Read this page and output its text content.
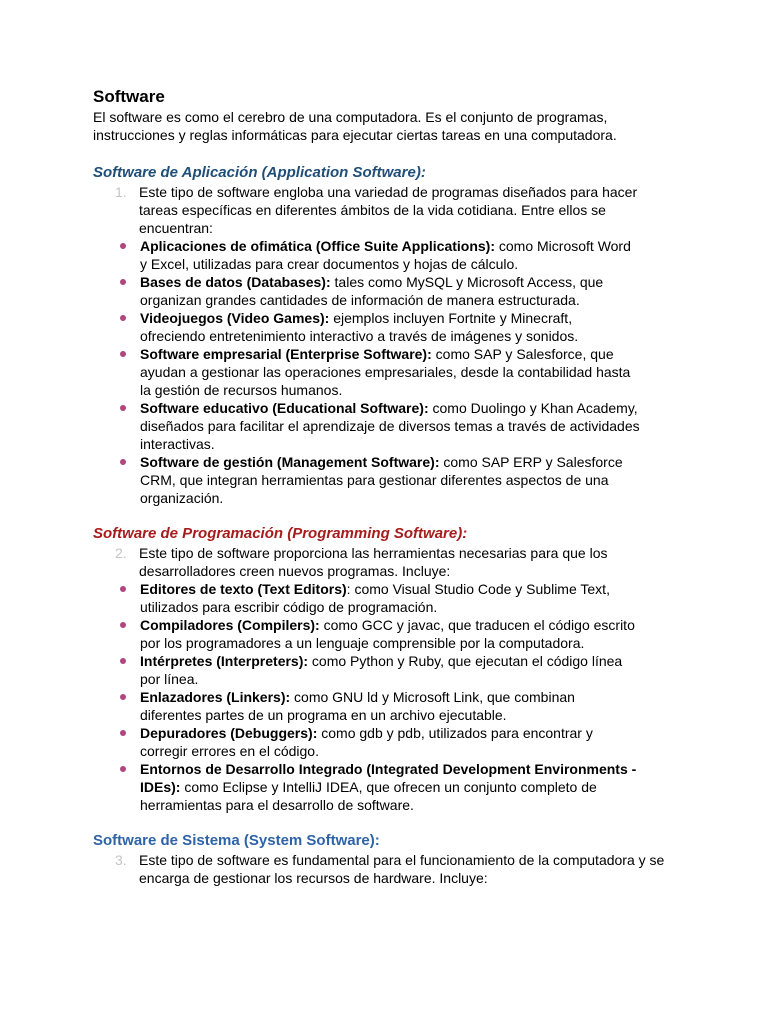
Software

El software es como el cerebro de una computadora. Es el conjunto de programas, instrucciones y reglas informáticas para ejecutar ciertas tareas en una computadora.

Software de Aplicación (Application Software):
1. Este tipo de software engloba una variedad de programas diseñados para hacer tareas específicas en diferentes ámbitos de la vida cotidiana. Entre ellos se encuentran:

Aplicaciones de ofimática (Office Suite Applications): como Microsoft Word y Excel, utilizadas para crear documentos y hojas de cálculo.
Bases de datos (Databases): tales como MySQL y Microsoft Access, que organizan grandes cantidades de información de manera estructurada.
Videojuegos (Video Games): ejemplos incluyen Fortnite y Minecraft, ofreciendo entretenimiento interactivo a través de imágenes y sonidos.
Software empresarial (Enterprise Software): como SAP y Salesforce, que ayudan a gestionar las operaciones empresariales, desde la contabilidad hasta la gestión de recursos humanos.
Software educativo (Educational Software): como Duolingo y Khan Academy, diseñados para facilitar el aprendizaje de diversos temas a través de actividades interactivas.
Software de gestión (Management Software): como SAP ERP y Salesforce CRM, que integran herramientas para gestionar diferentes aspectos de una organización.
Software de Programación (Programming Software):
2. Este tipo de software proporciona las herramientas necesarias para que los desarrolladores creen nuevos programas. Incluye:

Editores de texto (Text Editors): como Visual Studio Code y Sublime Text, utilizados para escribir código de programación.
Compiladores (Compilers): como GCC y javac, que traducen el código escrito por los programadores a un lenguaje comprensible por la computadora.
Intérpretes (Interpreters): como Python y Ruby, que ejecutan el código línea por línea.
Enlazadores (Linkers): como GNU ld y Microsoft Link, que combinan diferentes partes de un programa en un archivo ejecutable.
Depuradores (Debuggers): como gdb y pdb, utilizados para encontrar y corregir errores en el código.
Entornos de Desarrollo Integrado (Integrated Development Environments - IDEs): como Eclipse y IntelliJ IDEA, que ofrecen un conjunto completo de herramientas para el desarrollo de software.
Software de Sistema (System Software):
3. Este tipo de software es fundamental para el funcionamiento de la computadora y se encarga de gestionar los recursos de hardware. Incluye:
